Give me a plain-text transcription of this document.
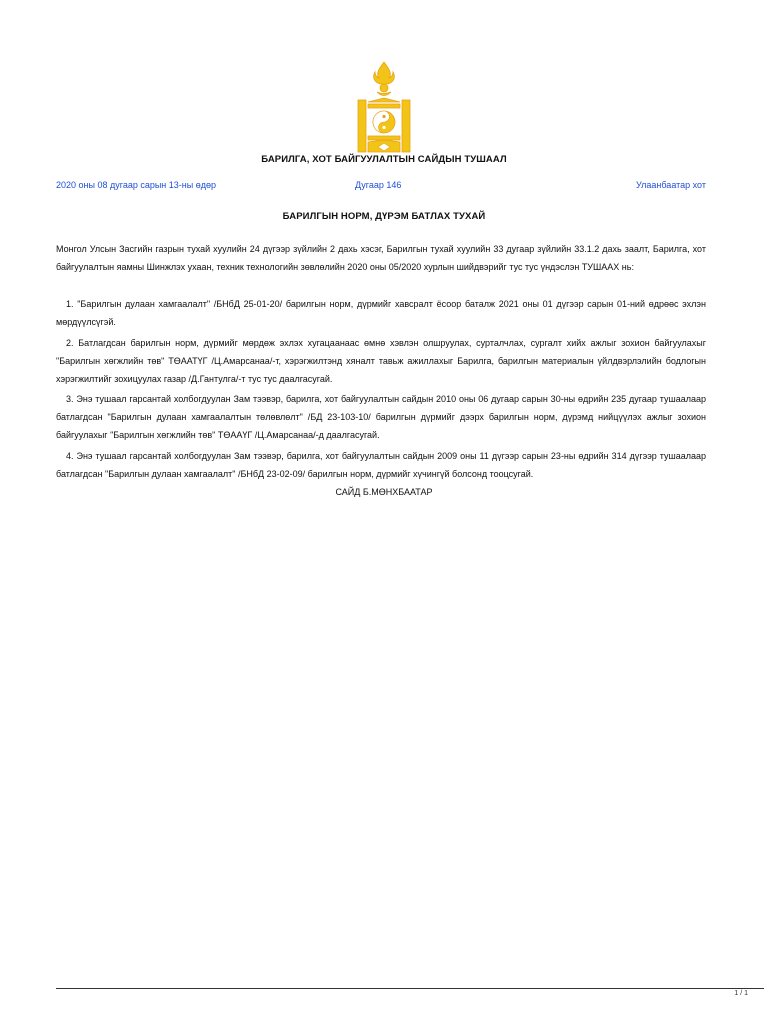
БАРИЛГА, ХОТ БАЙГУУЛАЛТЫН САЙДЫН ТУШААЛ
2020 оны 08 дугаар сарын 13-ны өдөр	Дугаар 146	Улаанбаатар хот
БАРИЛГЫН НОРМ, ДҮРЭМ БАТЛАХ ТУХАЙ

Монгол Улсын Засгийн газрын тухай хуулийн 24 дүгээр зүйлийн 2 дахь хэсэг, Барилгын тухай хуулийн 33 дугаар зүйлийн 33.1.2 дахь заалт, Барилга, хот байгуулалтын яамны Шинжлэх ухаан, техник технологийн зөвлөлийн 2020 оны 05/2020 хурлын шийдвэрийг тус тус үндэслэн ТУШААХ нь:

1. "Барилгын дулаан хамгаалалт" /БНбД 25-01-20/ барилгын норм, дүрмийг хавсралт ёсоор баталж 2021 оны 01 дүгээр сарын 01-ний өдрөөс эхлэн мөрдүүлсүгэй.

2. Батлагдсан барилгын норм, дүрмийг мөрдөж эхлэх хугацаанаас өмнө хэвлэн олшруулах, сурталчлах, сургалт хийх ажлыг зохион байгуулахыг "Барилгын хөгжлийн төв" ТӨААТҮГ /Ц.Амарсанаа/-т, хэрэгжилтэнд хяналт тавьж ажиллахыг Барилга, барилгын материалын үйлдвэрлэлийн бодлогын хэрэгжилтийг зохицуулах газар /Д.Гантулга/-т тус тус даалгасугай.

3. Энэ тушаал гарсантай холбогдуулан Зам тээвэр, барилга, хот байгуулалтын сайдын 2010 оны 06 дугаар сарын 30-ны өдрийн 235 дугаар тушаалаар батлагдсан "Барилгын дулаан хамгаалалтын төлөвлөлт" /БД 23-103-10/ барилгын дүрмийг дээрх барилгын норм, дүрэмд нийцүүлэх ажлыг зохион байгуулахыг "Барилгын хөгжлийн төв" ТӨААҮГ /Ц.Амарсанаа/-д даалгасугай.

4. Энэ тушаал гарсантай холбогдуулан Зам тээвэр, барилга, хот байгуулалтын сайдын 2009 оны 11 дүгээр сарын 23-ны өдрийн 314 дүгээр тушаалаар батлагдсан "Барилгын дулаан хамгаалалт" /БНбД 23-02-09/ барилгын норм, дүрмийг хүчингүй болсонд тооцсугай.

САЙД Б.МӨНХБААТАР
1 / 1
